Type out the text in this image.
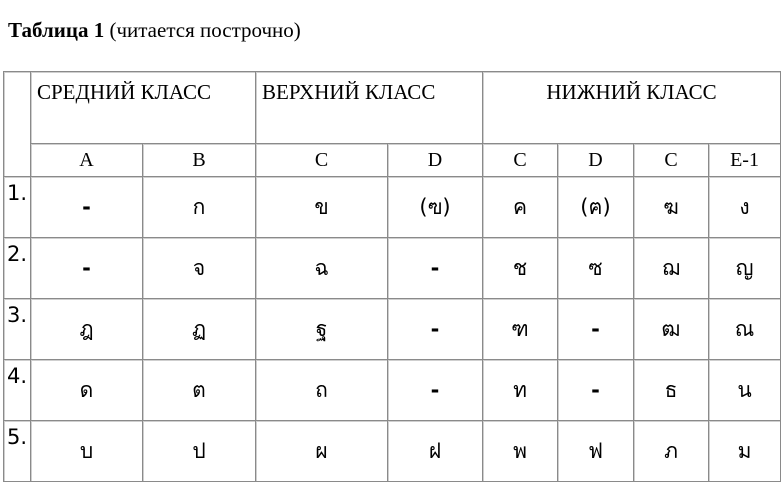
Таблица 1 (читается построчно)
	СРЕДНИЙ КЛАСС		ВЕРХНИЙ КЛАСС		НИЖНИЙ КЛАСС			
	A	B	C	D	C	D	C	E-1
1.	-	ก	ข	(ฃ)	ค	(ฅ)	ฆ	ง
2.	-	จ	ฉ	-	ช	ซ	ฌ	ญ
3.	ฎ	ฏ	ฐ	-	ฑ	-	ฒ	ณ
4.	ด	ต	ถ	-	ท	-	ธ	น
5.	บ	ป	ผ	ฝ	พ	ฟ	ภ	ม
